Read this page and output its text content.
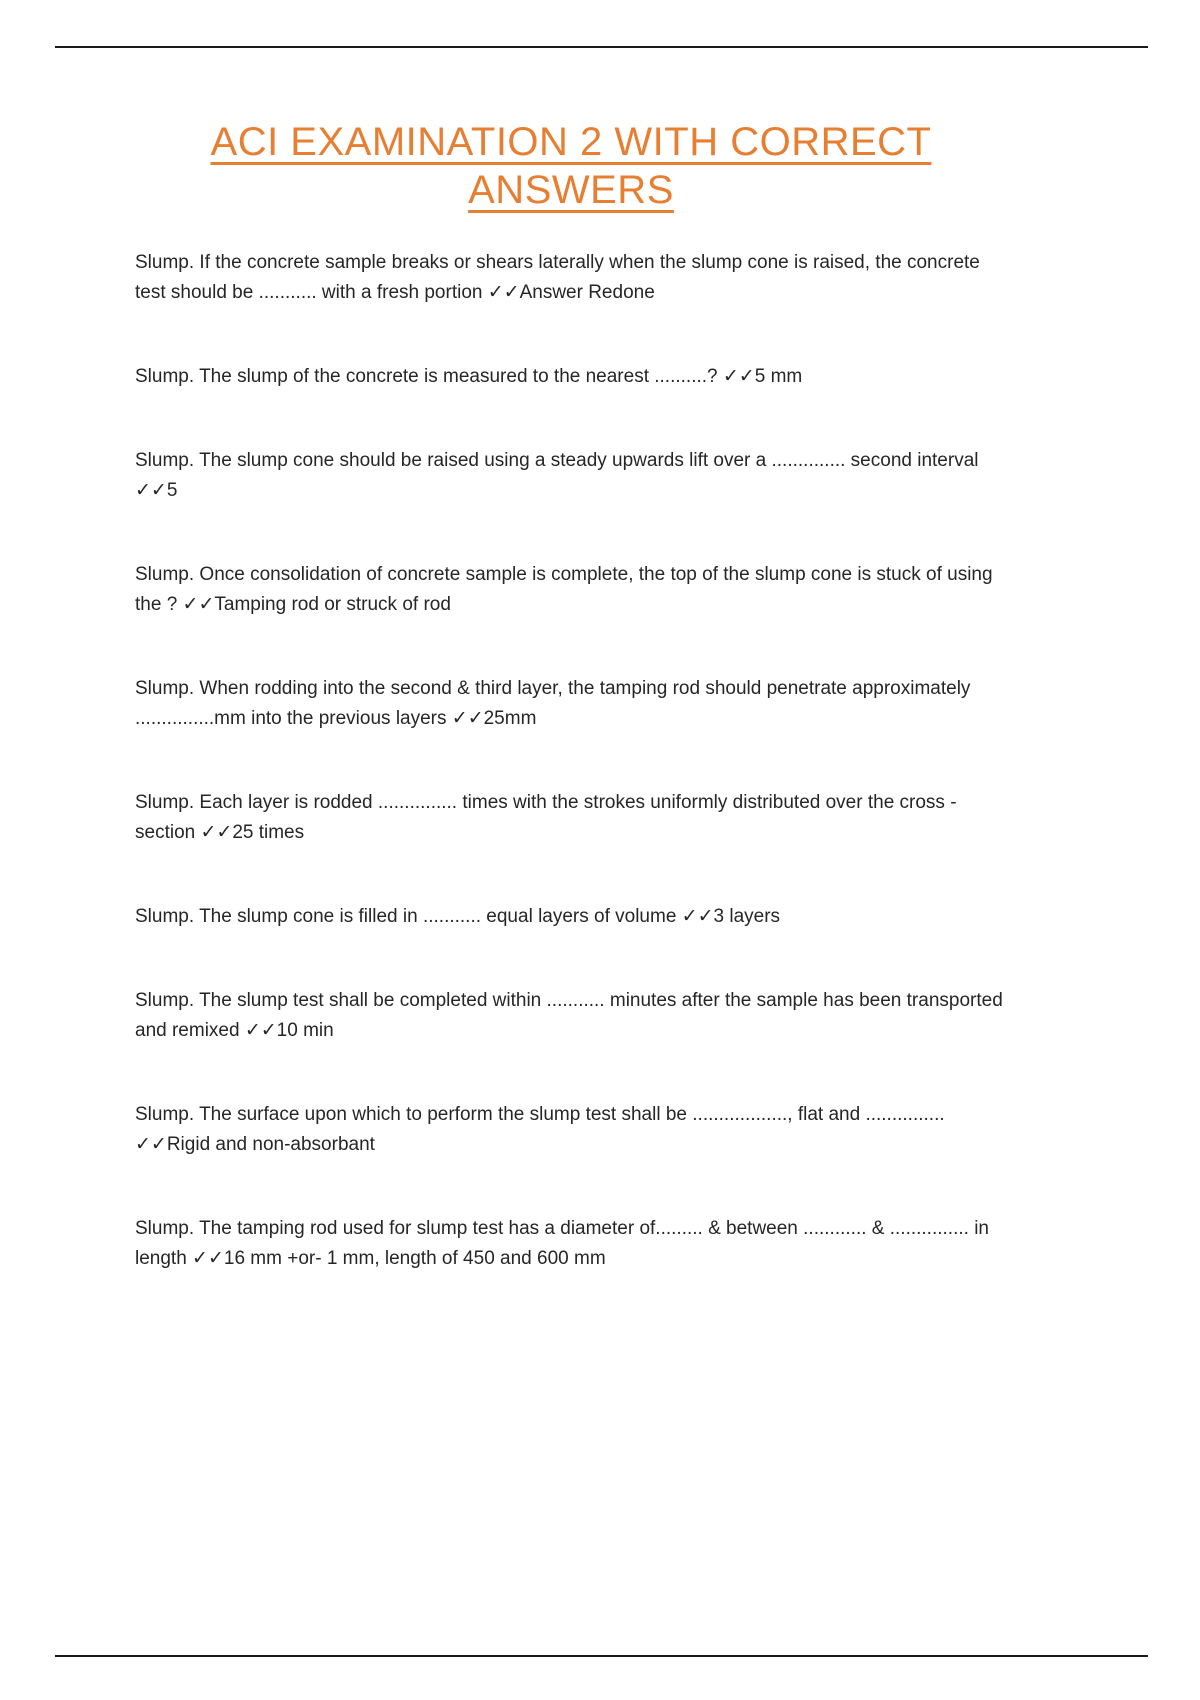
ACI EXAMINATION 2 WITH CORRECT ANSWERS

Slump. If the concrete sample breaks or shears laterally when the slump cone is raised, the concrete test should be ........... with a fresh portion ✓✓Answer Redone

Slump. The slump of the concrete is measured to the nearest ..........? ✓✓5 mm

Slump. The slump cone should be raised using a steady upwards lift over a .............. second interval ✓✓5

Slump. Once consolidation of concrete sample is complete, the top of the slump cone is stuck of using the ? ✓✓Tamping rod or struck of rod

Slump. When rodding into the second & third layer, the tamping rod should penetrate approximately ...............mm into the previous layers ✓✓25mm

Slump. Each layer is rodded ............... times with the strokes uniformly distributed over the cross - section ✓✓25 times

Slump. The slump cone is filled in ........... equal layers of volume ✓✓3 layers

Slump. The slump test shall be completed within ........... minutes after the sample has been transported and remixed ✓✓10 min

Slump. The surface upon which to perform the slump test shall be .................., flat and ............... ✓✓Rigid and non-absorbant

Slump. The tamping rod used for slump test has a diameter of......... & between ............ & ............... in length ✓✓16 mm +or- 1 mm, length of 450 and 600 mm
